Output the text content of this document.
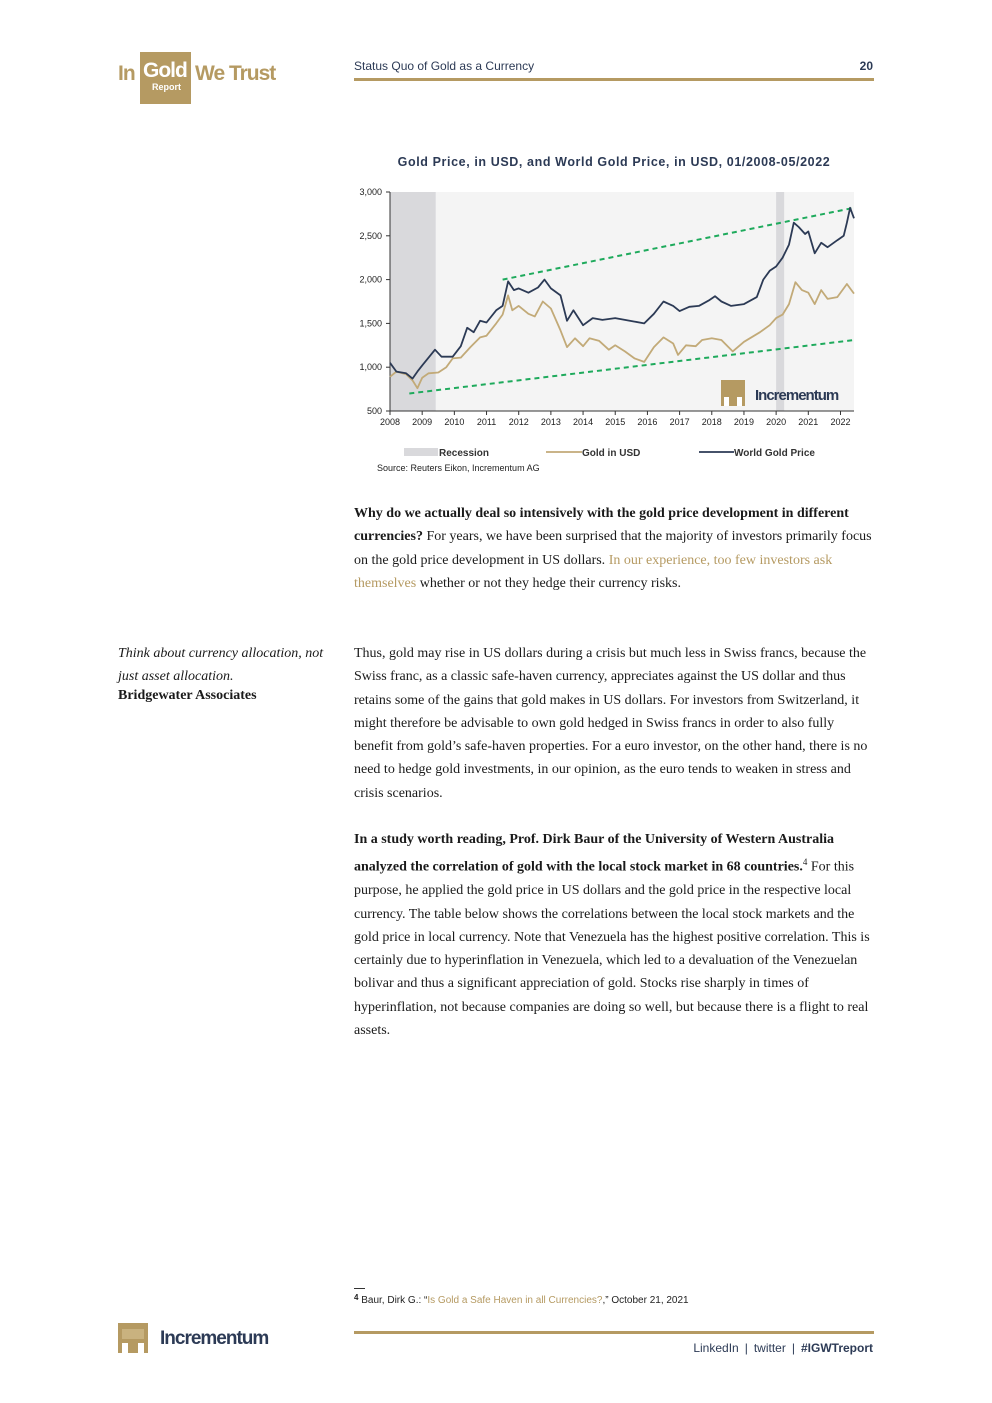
In Gold
Report
We Trust	Status Quo of Gold as a Currency	20
Gold Price, in USD, and World Gold Price, in USD, 01/2008-05/2022
3,000
2,500
2,000
1,500
1,000
500
2008 2009 2010 2011 2012 2013 2014 2015 2016 2017 2018 2019 2020 2021 2022
Incrementum
Recession	Gold in USD	World Gold Price
Source: Reuters Eikon, Incrementum AG
Why do we actually deal so intensively with the gold price development in different currencies? For years, we have been surprised that the majority of investors primarily focus on the gold price development in US dollars. In our experience, too few investors ask themselves whether or not they hedge their currency risks.
Think about currency allocation, not just asset allocation.
Bridgewater Associates
Thus, gold may rise in US dollars during a crisis but much less in Swiss francs, because the Swiss franc, as a classic safe-haven currency, appreciates against the US dollar and thus retains some of the gains that gold makes in US dollars. For investors from Switzerland, it might therefore be advisable to own gold hedged in Swiss francs in order to also fully benefit from gold’s safe-haven properties. For a euro investor, on the other hand, there is no need to hedge gold investments, in our opinion, as the euro tends to weaken in stress and crisis scenarios.
In a study worth reading, Prof. Dirk Baur of the University of Western Australia analyzed the correlation of gold with the local stock market in 68 countries.$^4$ For this purpose, he applied the gold price in US dollars and the gold price in the respective local currency. The table below shows the correlations between the local stock markets and the gold price in local currency. Note that Venezuela has the highest positive correlation. This is certainly due to hyperinflation in Venezuela, which led to a devaluation of the Venezuelan bolivar and thus a significant appreciation of gold. Stocks rise sharply in times of hyperinflation, not because companies are doing so well, but because there is a flight to real assets.
$^4$ Baur, Dirk G.: “Is Gold a Safe Haven in all Currencies?,” October 21, 2021
Incrementum	LinkedIn | twitter | #IGWTreport
